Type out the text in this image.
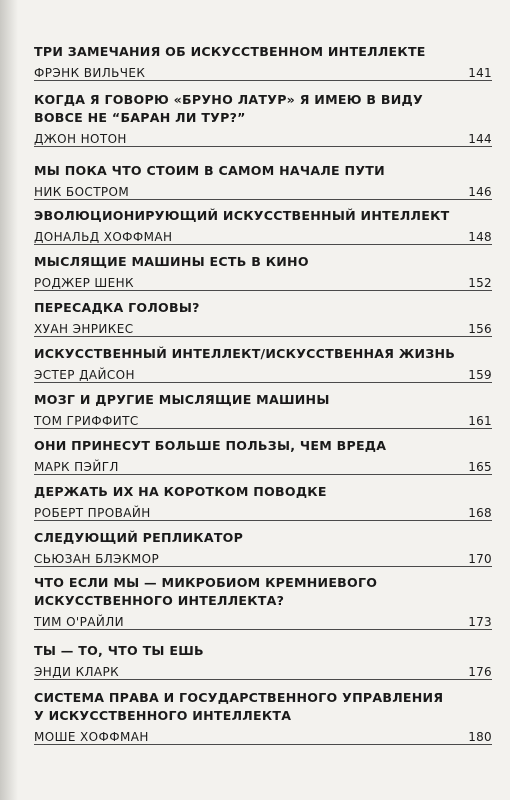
ТРИ ЗАМЕЧАНИЯ ОБ ИСКУССТВЕННОМ ИНТЕЛЛЕКТЕ
ФРЭНК ВИЛЬЧЕК	141
КОГДА Я ГОВОРЮ «БРУНО ЛАТУР» Я ИМЕЮ В ВИДУ
ВОВСЕ НЕ “БАРАН ЛИ ТУР?”
ДЖОН НОТОН	144
МЫ ПОКА ЧТО СТОИМ В САМОМ НАЧАЛЕ ПУТИ
НИК БОСТРОМ	146
ЭВОЛЮЦИОНИРУЮЩИЙ ИСКУССТВЕННЫЙ ИНТЕЛЛЕКТ
ДОНАЛЬД ХОФФМАН	148
МЫСЛЯЩИЕ МАШИНЫ ЕСТЬ В КИНО
РОДЖЕР ШЕНК	152
ПЕРЕСАДКА ГОЛОВЫ?
ХУАН ЭНРИКЕС	156
ИСКУССТВЕННЫЙ ИНТЕЛЛЕКТ/ИСКУССТВЕННАЯ ЖИЗНЬ
ЭСТЕР ДАЙСОН	159
МОЗГ И ДРУГИЕ МЫСЛЯЩИЕ МАШИНЫ
ТОМ ГРИФФИТС	161
ОНИ ПРИНЕСУТ БОЛЬШЕ ПОЛЬЗЫ, ЧЕМ ВРЕДА
МАРК ПЭЙГЛ	165
ДЕРЖАТЬ ИХ НА КОРОТКОМ ПОВОДКЕ
РОБЕРТ ПРОВАЙН	168
СЛЕДУЮЩИЙ РЕПЛИКАТОР
СЬЮЗАН БЛЭКМОР	170
ЧТО ЕСЛИ МЫ — МИКРОБИОМ КРЕМНИЕВОГО
ИСКУССТВЕННОГО ИНТЕЛЛЕКТА?
ТИМ О'РАЙЛИ	173
ТЫ — ТО, ЧТО ТЫ ЕШЬ
ЭНДИ КЛАРК	176
СИСТЕМА ПРАВА И ГОСУДАРСТВЕННОГО УПРАВЛЕНИЯ
У ИСКУССТВЕННОГО ИНТЕЛЛЕКТА
МОШЕ ХОФФМАН	180
